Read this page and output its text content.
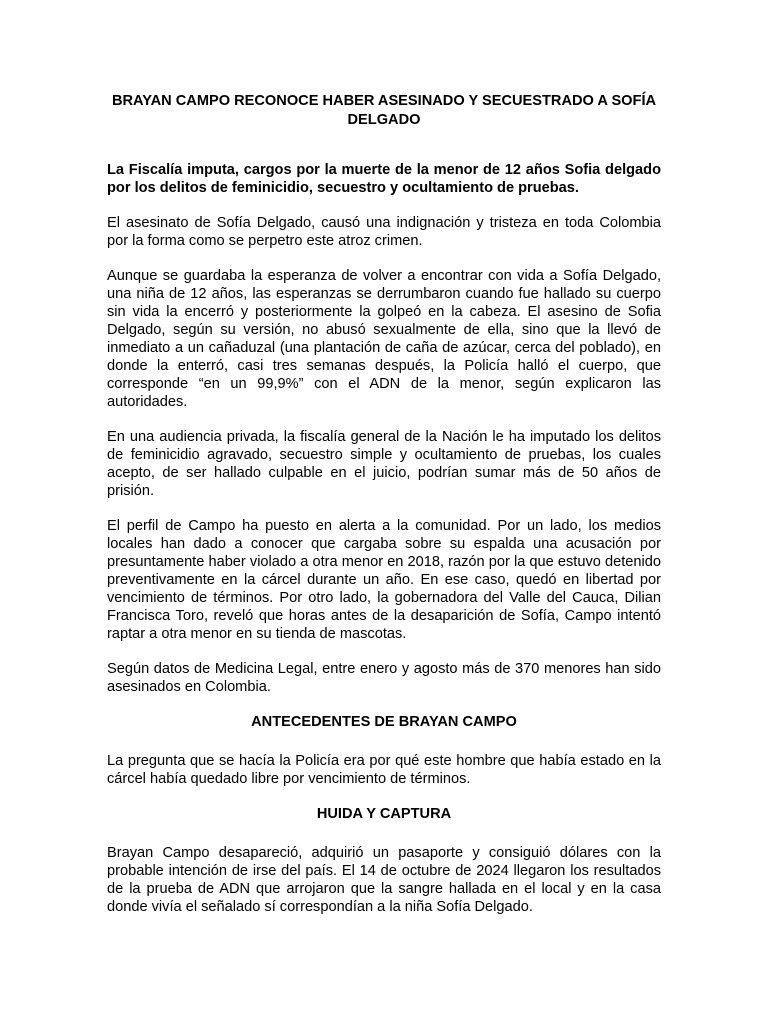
BRAYAN CAMPO RECONOCE HABER ASESINADO Y SECUESTRADO A SOFÍA DELGADO

La Fiscalía imputa, cargos por la muerte de la menor de 12 años Sofia delgado por los delitos de feminicidio, secuestro y ocultamiento de pruebas.

El asesinato de Sofía Delgado, causó una indignación y tristeza en toda Colombia por la forma como se perpetro este atroz crimen.

Aunque se guardaba la esperanza de volver a encontrar con vida a Sofía Delgado, una niña de 12 años, las esperanzas se derrumbaron cuando fue hallado su cuerpo sin vida la encerró y posteriormente la golpeó en la cabeza. El asesino de Sofia Delgado, según su versión, no abusó sexualmente de ella, sino que la llevó de inmediato a un cañaduzal (una plantación de caña de azúcar, cerca del poblado), en donde la enterró, casi tres semanas después, la Policía halló el cuerpo, que corresponde “en un 99,9%” con el ADN de la menor, según explicaron las autoridades.

En una audiencia privada, la fiscalía general de la Nación le ha imputado los delitos de feminicidio agravado, secuestro simple y ocultamiento de pruebas, los cuales acepto, de ser hallado culpable en el juicio, podrían sumar más de 50 años de prisión.

El perfil de Campo ha puesto en alerta a la comunidad. Por un lado, los medios locales han dado a conocer que cargaba sobre su espalda una acusación por presuntamente haber violado a otra menor en 2018, razón por la que estuvo detenido preventivamente en la cárcel durante un año. En ese caso, quedó en libertad por vencimiento de términos. Por otro lado, la gobernadora del Valle del Cauca, Dilian Francisca Toro, reveló que horas antes de la desaparición de Sofía, Campo intentó raptar a otra menor en su tienda de mascotas.

Según datos de Medicina Legal, entre enero y agosto más de 370 menores han sido asesinados en Colombia.

ANTECEDENTES DE BRAYAN CAMPO

La pregunta que se hacía la Policía era por qué este hombre que había estado en la cárcel había quedado libre por vencimiento de términos.

HUIDA Y CAPTURA

Brayan Campo desapareció, adquirió un pasaporte y consiguió dólares con la probable intención de irse del país. El 14 de octubre de 2024 llegaron los resultados de la prueba de ADN que arrojaron que la sangre hallada en el local y en la casa donde vivía el señalado sí correspondían a la niña Sofía Delgado.
